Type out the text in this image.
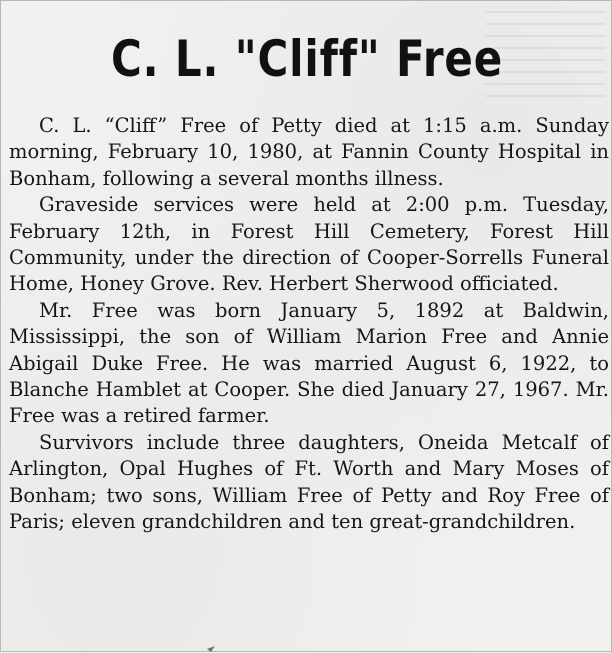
C. L. "Cliff" Free

C. L. “Cliff” Free of Petty died at 1:15 a.m. Sunday morning, February 10, 1980, at Fannin County Hospital in Bonham, following a several months illness.

Graveside services were held at 2:00 p.m. Tuesday, February 12th, in Forest Hill Cemetery, Forest Hill Community, under the direction of Cooper-Sorrells Funeral Home, Honey Grove. Rev. Herbert Sherwood officiated.

Mr. Free was born January 5, 1892 at Baldwin, Mississippi, the son of William Marion Free and Annie Abigail Duke Free. He was married August 6, 1922, to Blanche Hamblet at Cooper. She died January 27, 1967. Mr. Free was a retired farmer.

Survivors include three daughters, Oneida Metcalf of Arlington, Opal Hughes of Ft. Worth and Mary Moses of Bonham; two sons, William Free of Petty and Roy Free of Paris; eleven grandchildren and ten great-grandchildren.
